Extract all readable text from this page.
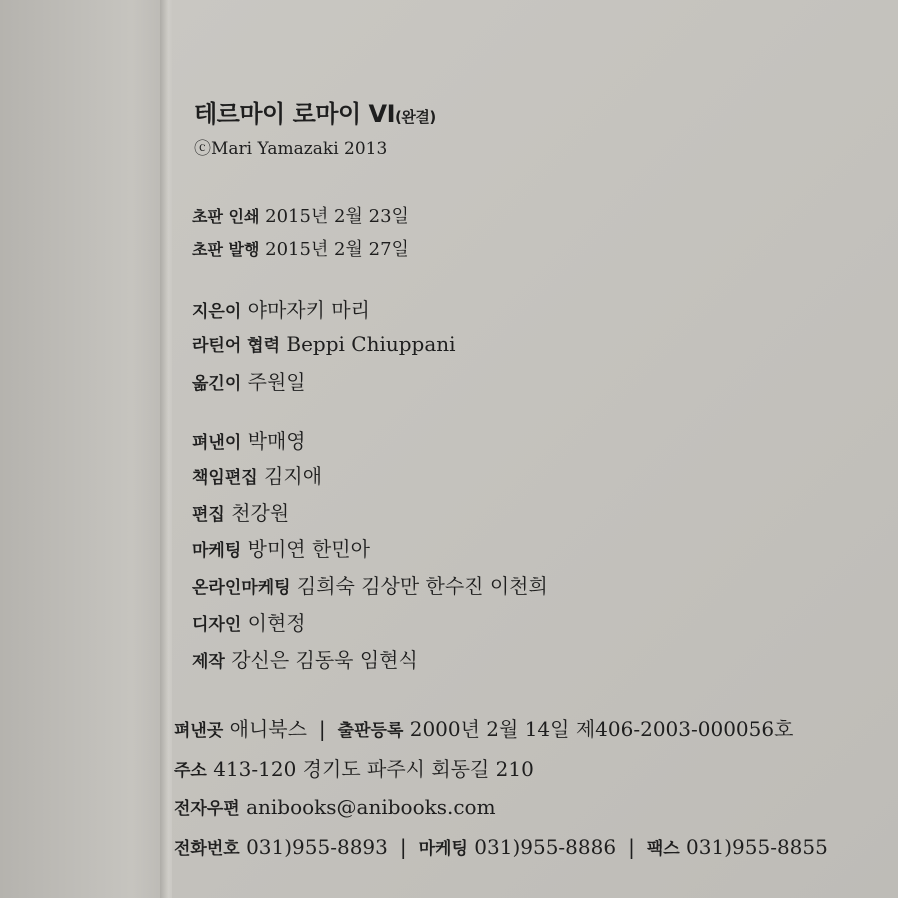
테르마이 로마이 VI(완결)
ⓒMari Yamazaki 2013
초판 인쇄 2015년 2월 23일
초판 발행 2015년 2월 27일
지은이 야마자키 마리
라틴어 협력 Beppi Chiuppani
옮긴이 주원일
펴낸이 박매영
책임편집 김지애
편집 천강원
마케팅 방미연 한민아
온라인마케팅 김희숙 김상만 한수진 이천희
디자인 이현정
제작 강신은 김동욱 임현식
펴낸곳 애니북스 | 출판등록 2000년 2월 14일 제406-2003-000056호
주소 413-120 경기도 파주시 회동길 210
전자우편 anibooks@anibooks.com
전화번호 031)955-8893 | 마케팅 031)955-8886 | 팩스 031)955-8855
